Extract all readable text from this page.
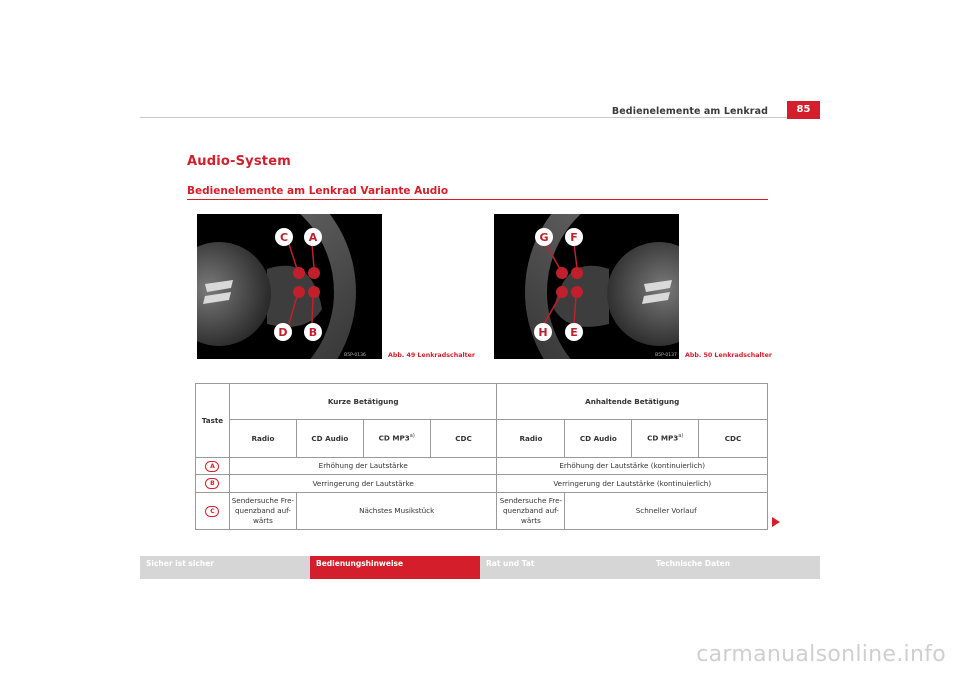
Bedienelemente am Lenkrad	85
Audio-System
Bedienelemente am Lenkrad Variante Audio
C A
D B
B5P-0136	Abb. 49 Lenkradschalter
G F
H E
B5P-0137 Abb. 50 Lenkradschalter
Taste	Kurze Betätigung				Anhaltende Betätigung			
	Radio	CD Audio	CD MP3$^{a)}$	CDC	Radio	CD Audio	CD MP3$^{a)}$	CDC
A	Erhöhung der Lautstärke				Erhöhung der Lautstärke (kontinuierlich)			
B	Verringerung der Lautstärke				Verringerung der Lautstärke (kontinuierlich)			
C	Sendersuche Fre-quenzband auf-wärts	Nächstes Musikstück			Sendersuche Fre-quenzband auf-wärts	Schneller Vorlauf		
Sicher ist sicher	Bedienungshinweise	Rat und Tat	Technische Daten
carmanualsonline.info
